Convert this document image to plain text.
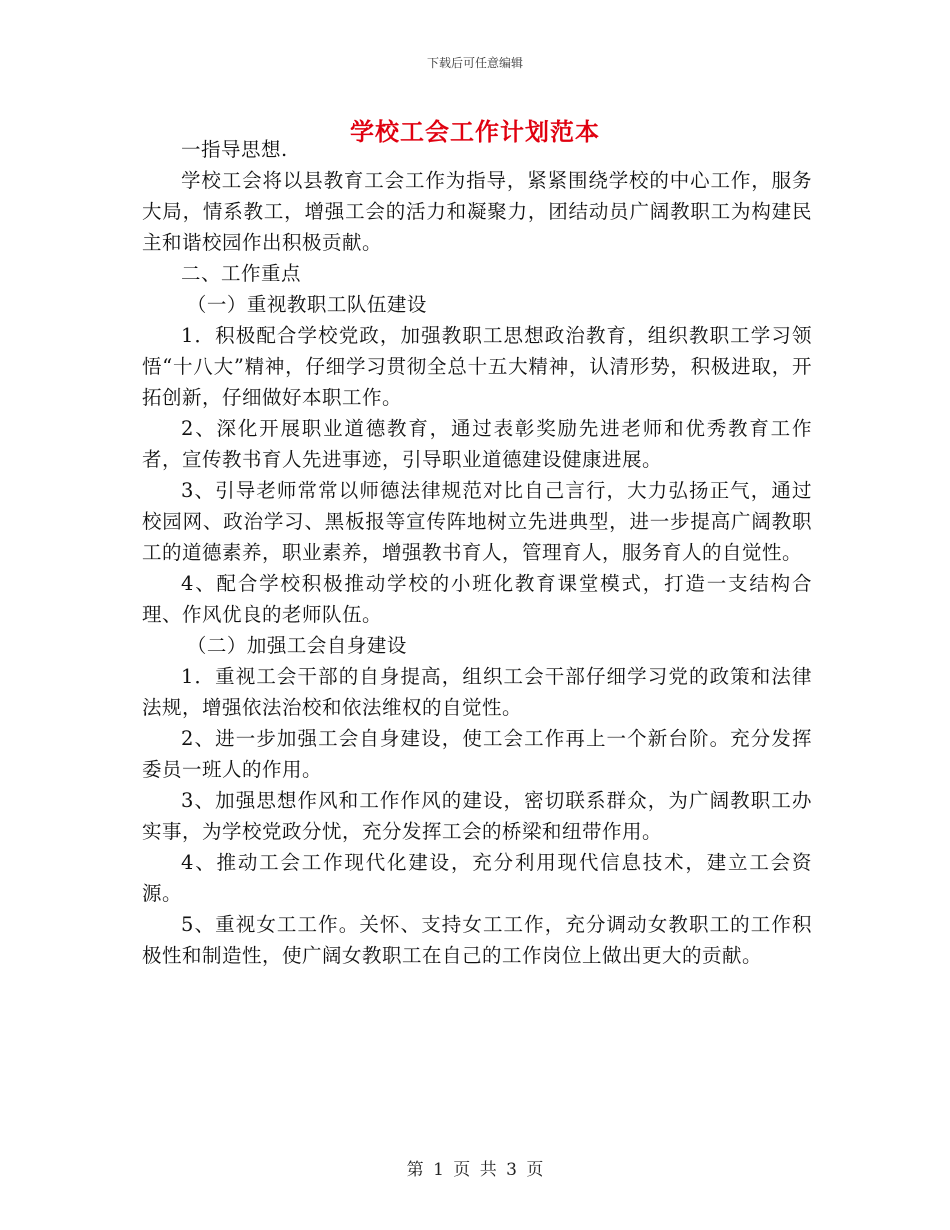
下载后可任意编辑
学校工会工作计划范本

一指导思想.

学校工会将以县教育工会工作为指导，紧紧围绕学校的中心工作，服务大局，情系教工，增强工会的活力和凝聚力，团结动员广阔教职工为构建民主和谐校园作出积极贡献。

二、工作重点

（一）重视教职工队伍建设

1．积极配合学校党政，加强教职工思想政治教育，组织教职工学习领悟“十八大”精神，仔细学习贯彻全总十五大精神，认清形势，积极进取，开拓创新，仔细做好本职工作。

2、深化开展职业道德教育，通过表彰奖励先进老师和优秀教育工作者，宣传教书育人先进事迹，引导职业道德建设健康进展。

3、引导老师常常以师德法律规范对比自己言行，大力弘扬正气，通过校园网、政治学习、黑板报等宣传阵地树立先进典型，进一步提高广阔教职工的道德素养，职业素养，增强教书育人，管理育人，服务育人的自觉性。

4、配合学校积极推动学校的小班化教育课堂模式，打造一支结构合理、作风优良的老师队伍。

（二）加强工会自身建设

1．重视工会干部的自身提高，组织工会干部仔细学习党的政策和法律法规，增强依法治校和依法维权的自觉性。

2、进一步加强工会自身建设，使工会工作再上一个新台阶。充分发挥委员一班人的作用。

3、加强思想作风和工作作风的建设，密切联系群众，为广阔教职工办实事，为学校党政分忧，充分发挥工会的桥梁和纽带作用。

4、推动工会工作现代化建设，充分利用现代信息技术，建立工会资源。

5、重视女工工作。关怀、支持女工工作，充分调动女教职工的工作积极性和制造性，使广阔女教职工在自己的工作岗位上做出更大的贡献。

第 1 页 共 3 页
